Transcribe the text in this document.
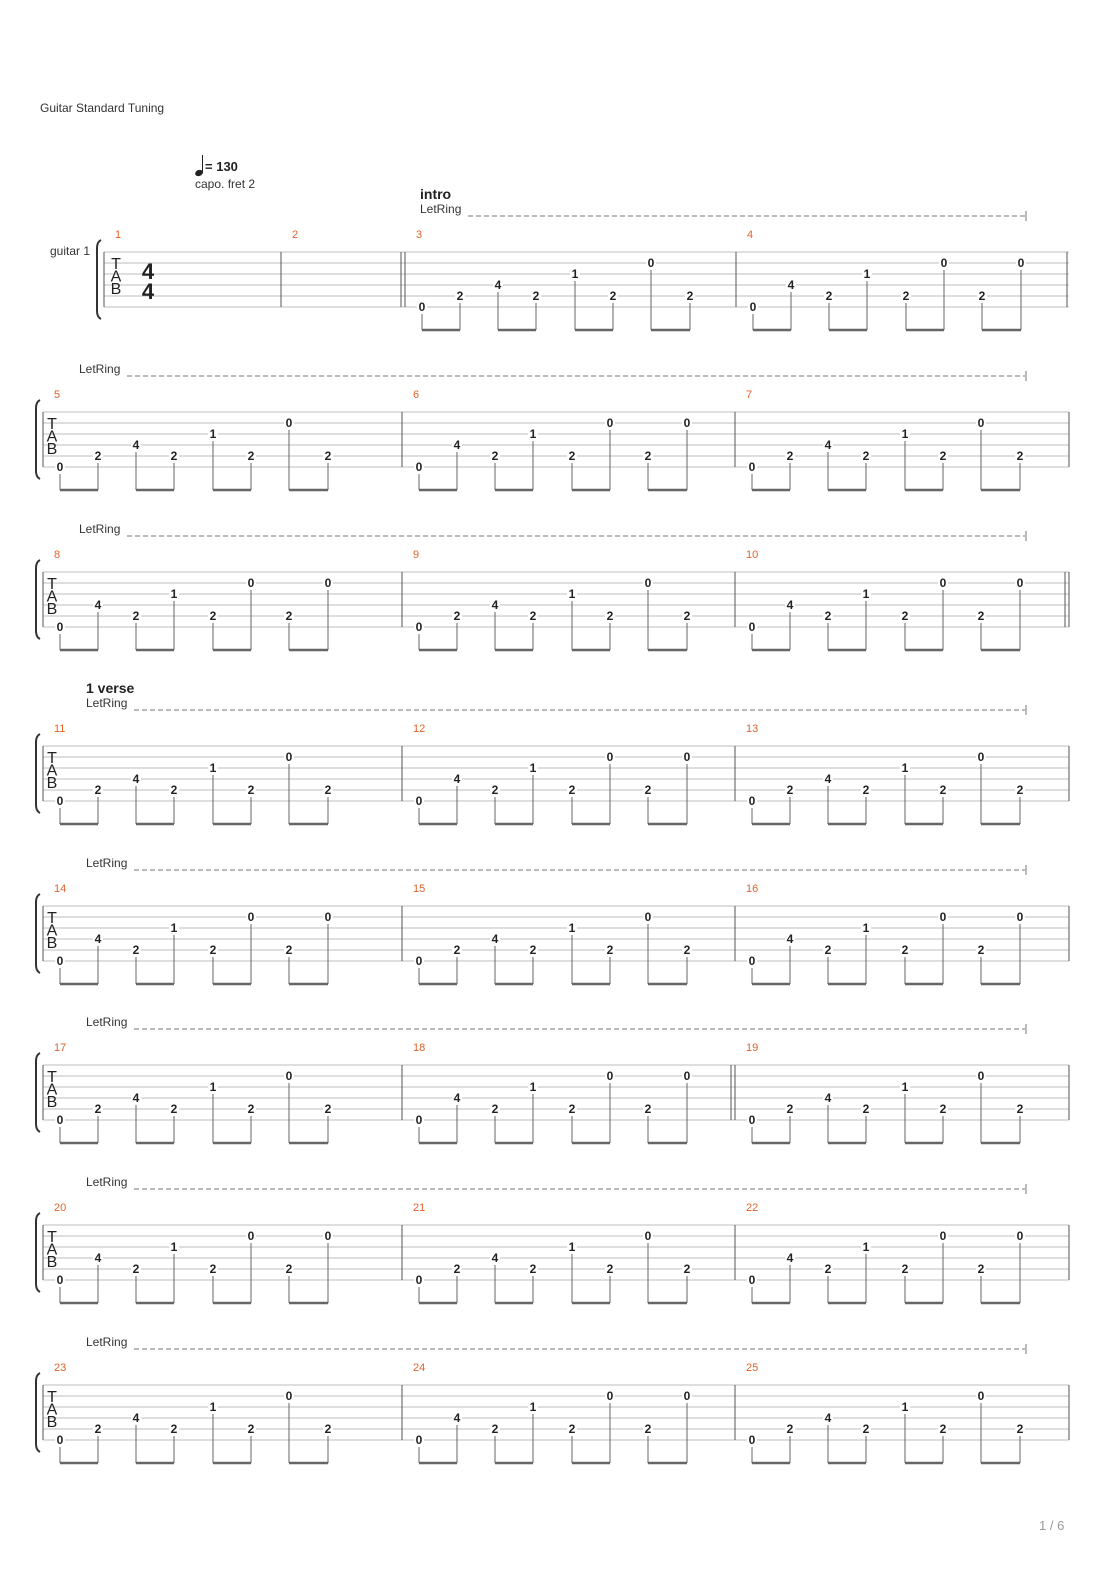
Guitar Standard Tuning
= 130
capo. fret 2
guitar 1
1 / 6
T
A
B
4
4
intro
LetRing
1	2	3
0
2
4
2
1
2
0
2
4
0
4
2
1
2
0
2
0
T
A
B
LetRing
5
0
2
4
2
1
2
0
2
6
0
4
2
1
2
0
2
0
7
0
2
4
2
1
2
0
2
T
A
B
LetRing
8
0
4
2
1
2
0
2
0
9
0
2
4
2
1
2
0
2
10
0
4
2
1
2
0
2
0
T
A
B
1 verse
LetRing
11
0
2
4
2
1
2
0
2
12
0
4
2
1
2
0
2
0
13
0
2
4
2
1
2
0
2
T
A
B
LetRing
14
0
4
2
1
2
0
2
0
15
0
2
4
2
1
2
0
2
16
0
4
2
1
2
0
2
0
T
A
B
LetRing
17
0
2
4
2
1
2
0
2
18
0
4
2
1
2
0
2
0
19
0
2
4
2
1
2
0
2
T
A
B
LetRing
20
0
4
2
1
2
0
2
0
21
0
2
4
2
1
2
0
2
22
0
4
2
1
2
0
2
0
T
A
B
LetRing
23
0
2
4
2
1
2
0
2
24
0
4
2
1
2
0
2
0
25
0
2
4
2
1
2
0
2
